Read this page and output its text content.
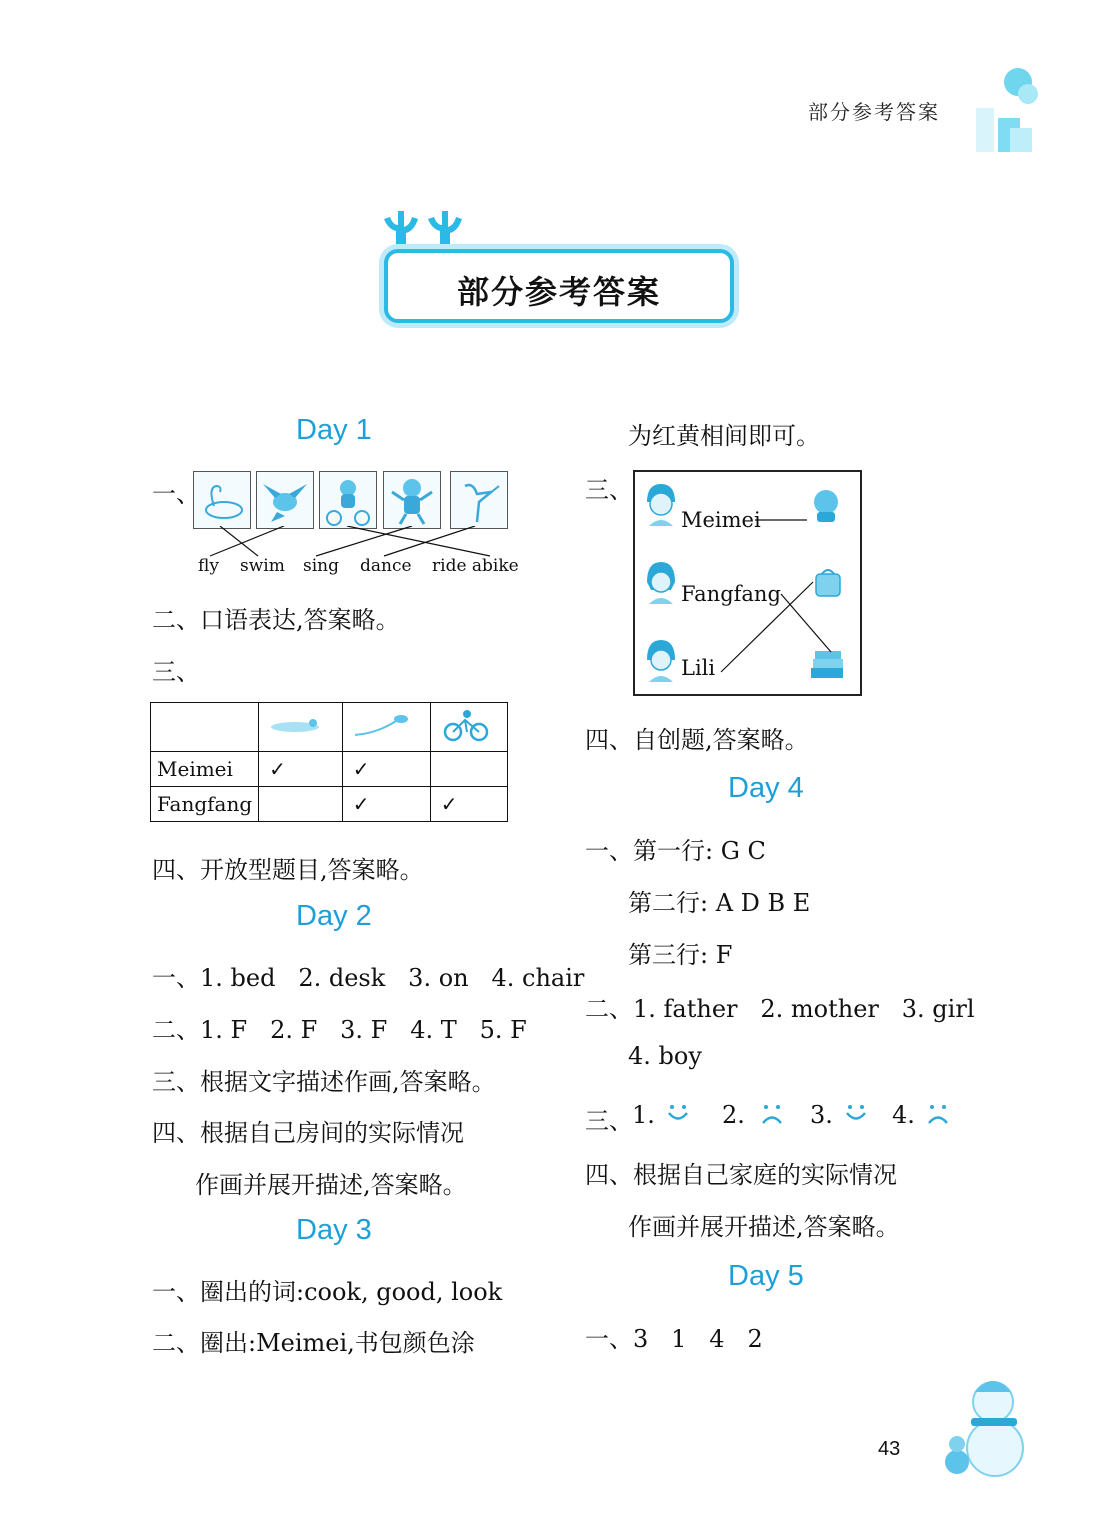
部分参考答案
部分参考答案
Day 1
一、
fly swim sing dance ride abike
二、口语表达,答案略。
三、

Meimei	✓	✓	
Fangfang		✓	✓
四、开放型题目,答案略。
Day 2
一、1. bed   2. desk   3. on   4. chair
二、1. F   2. F   3. F   4. T   5. F
三、根据文字描述作画,答案略。
四、根据自己房间的实际情况
作画并展开描述,答案略。
Day 3
一、圈出的词:cook, good, look
二、圈出:Meimei,书包颜色涂
为红黄相间即可。
三、
Meimei
Fangfang
Lili
四、自创题,答案略。
Day 4
一、第一行: G C
第二行: A D B E
第三行: F
二、1. father   2. mother   3. girl
4. boy
三、 1.	2.	3. 4.
四、根据自己家庭的实际情况
作画并展开描述,答案略。
Day 5
一、3   1   4   2
43
